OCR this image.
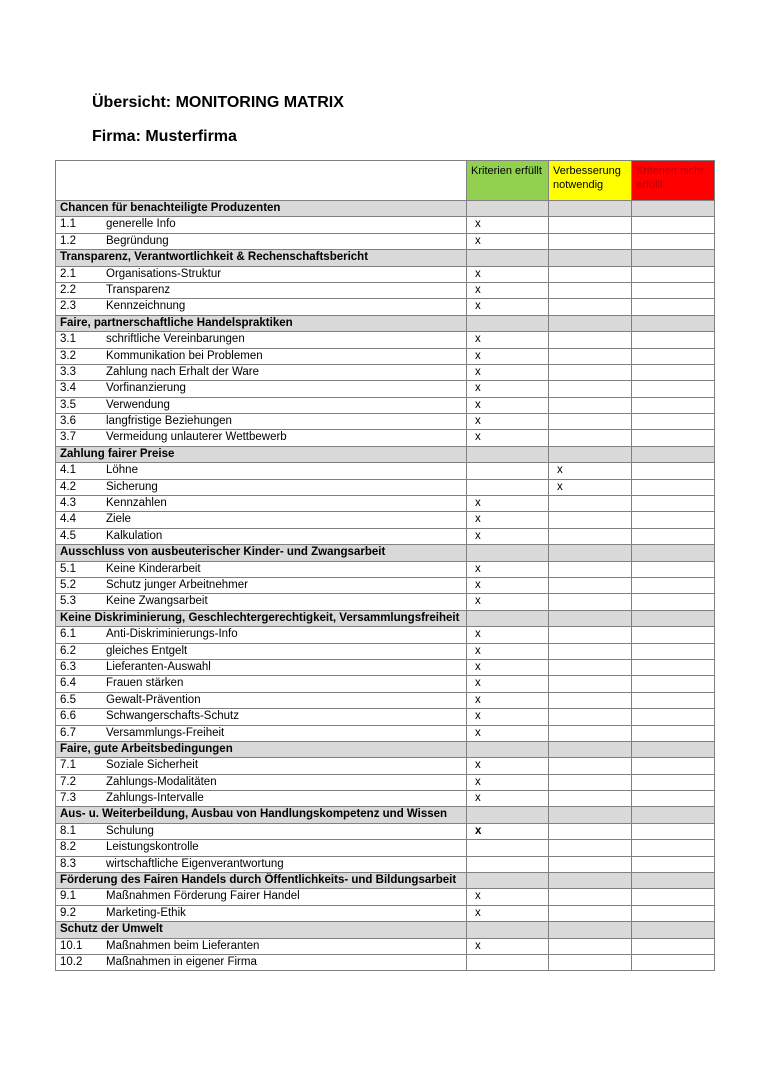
Übersicht: MONITORING MATRIX
Firma: Musterfirma
	Kriterien erfüllt	Verbesserung notwendig	Kriterien nicht erfüllt
Chancen für benachteiligte Produzenten			
1.1 generelle Info	x		
1.2 Begründung	x		
Transparenz, Verantwortlichkeit & Rechenschaftsbericht			
2.1 Organisations-Struktur	x		
2.2 Transparenz	x		
2.3 Kennzeichnung	x		
Faire, partnerschaftliche Handelspraktiken			
3.1 schriftliche Vereinbarungen	x		
3.2 Kommunikation bei Problemen	x		
3.3 Zahlung nach Erhalt der Ware	x		
3.4 Vorfinanzierung	x		
3.5 Verwendung	x		
3.6 langfristige Beziehungen	x		
3.7 Vermeidung unlauterer Wettbewerb	x		
Zahlung fairer Preise			
4.1 Löhne		x	
4.2 Sicherung		x	
4.3 Kennzahlen	x		
4.4 Ziele	x		
4.5 Kalkulation	x		
Ausschluss von ausbeuterischer Kinder- und Zwangsarbeit			
5.1 Keine Kinderarbeit	x		
5.2 Schutz junger Arbeitnehmer	x		
5.3 Keine Zwangsarbeit	x		
Keine Diskriminierung, Geschlechtergerechtigkeit, Versammlungsfreiheit			
6.1 Anti-Diskriminierungs-Info	x		
6.2 gleiches Entgelt	x		
6.3 Lieferanten-Auswahl	x		
6.4 Frauen stärken	x		
6.5 Gewalt-Prävention	x		
6.6 Schwangerschafts-Schutz	x		
6.7 Versammlungs-Freiheit	x		
Faire, gute Arbeitsbedingungen			
7.1 Soziale Sicherheit	x		
7.2 Zahlungs-Modalitäten	x		
7.3 Zahlungs-Intervalle	x		
Aus- u. Weiterbeildung, Ausbau von Handlungskompetenz und Wissen			
8.1 Schulung	x		
8.2 Leistungskontrolle			
8.3 wirtschaftliche Eigenverantwortung			
Förderung des Fairen Handels durch Öffentlichkeits- und Bildungsarbeit			
9.1 Maßnahmen Förderung Fairer Handel	x		
9.2 Marketing-Ethik	x		
Schutz der Umwelt			
10.1 Maßnahmen beim Lieferanten	x		
10.2 Maßnahmen in eigener Firma			
